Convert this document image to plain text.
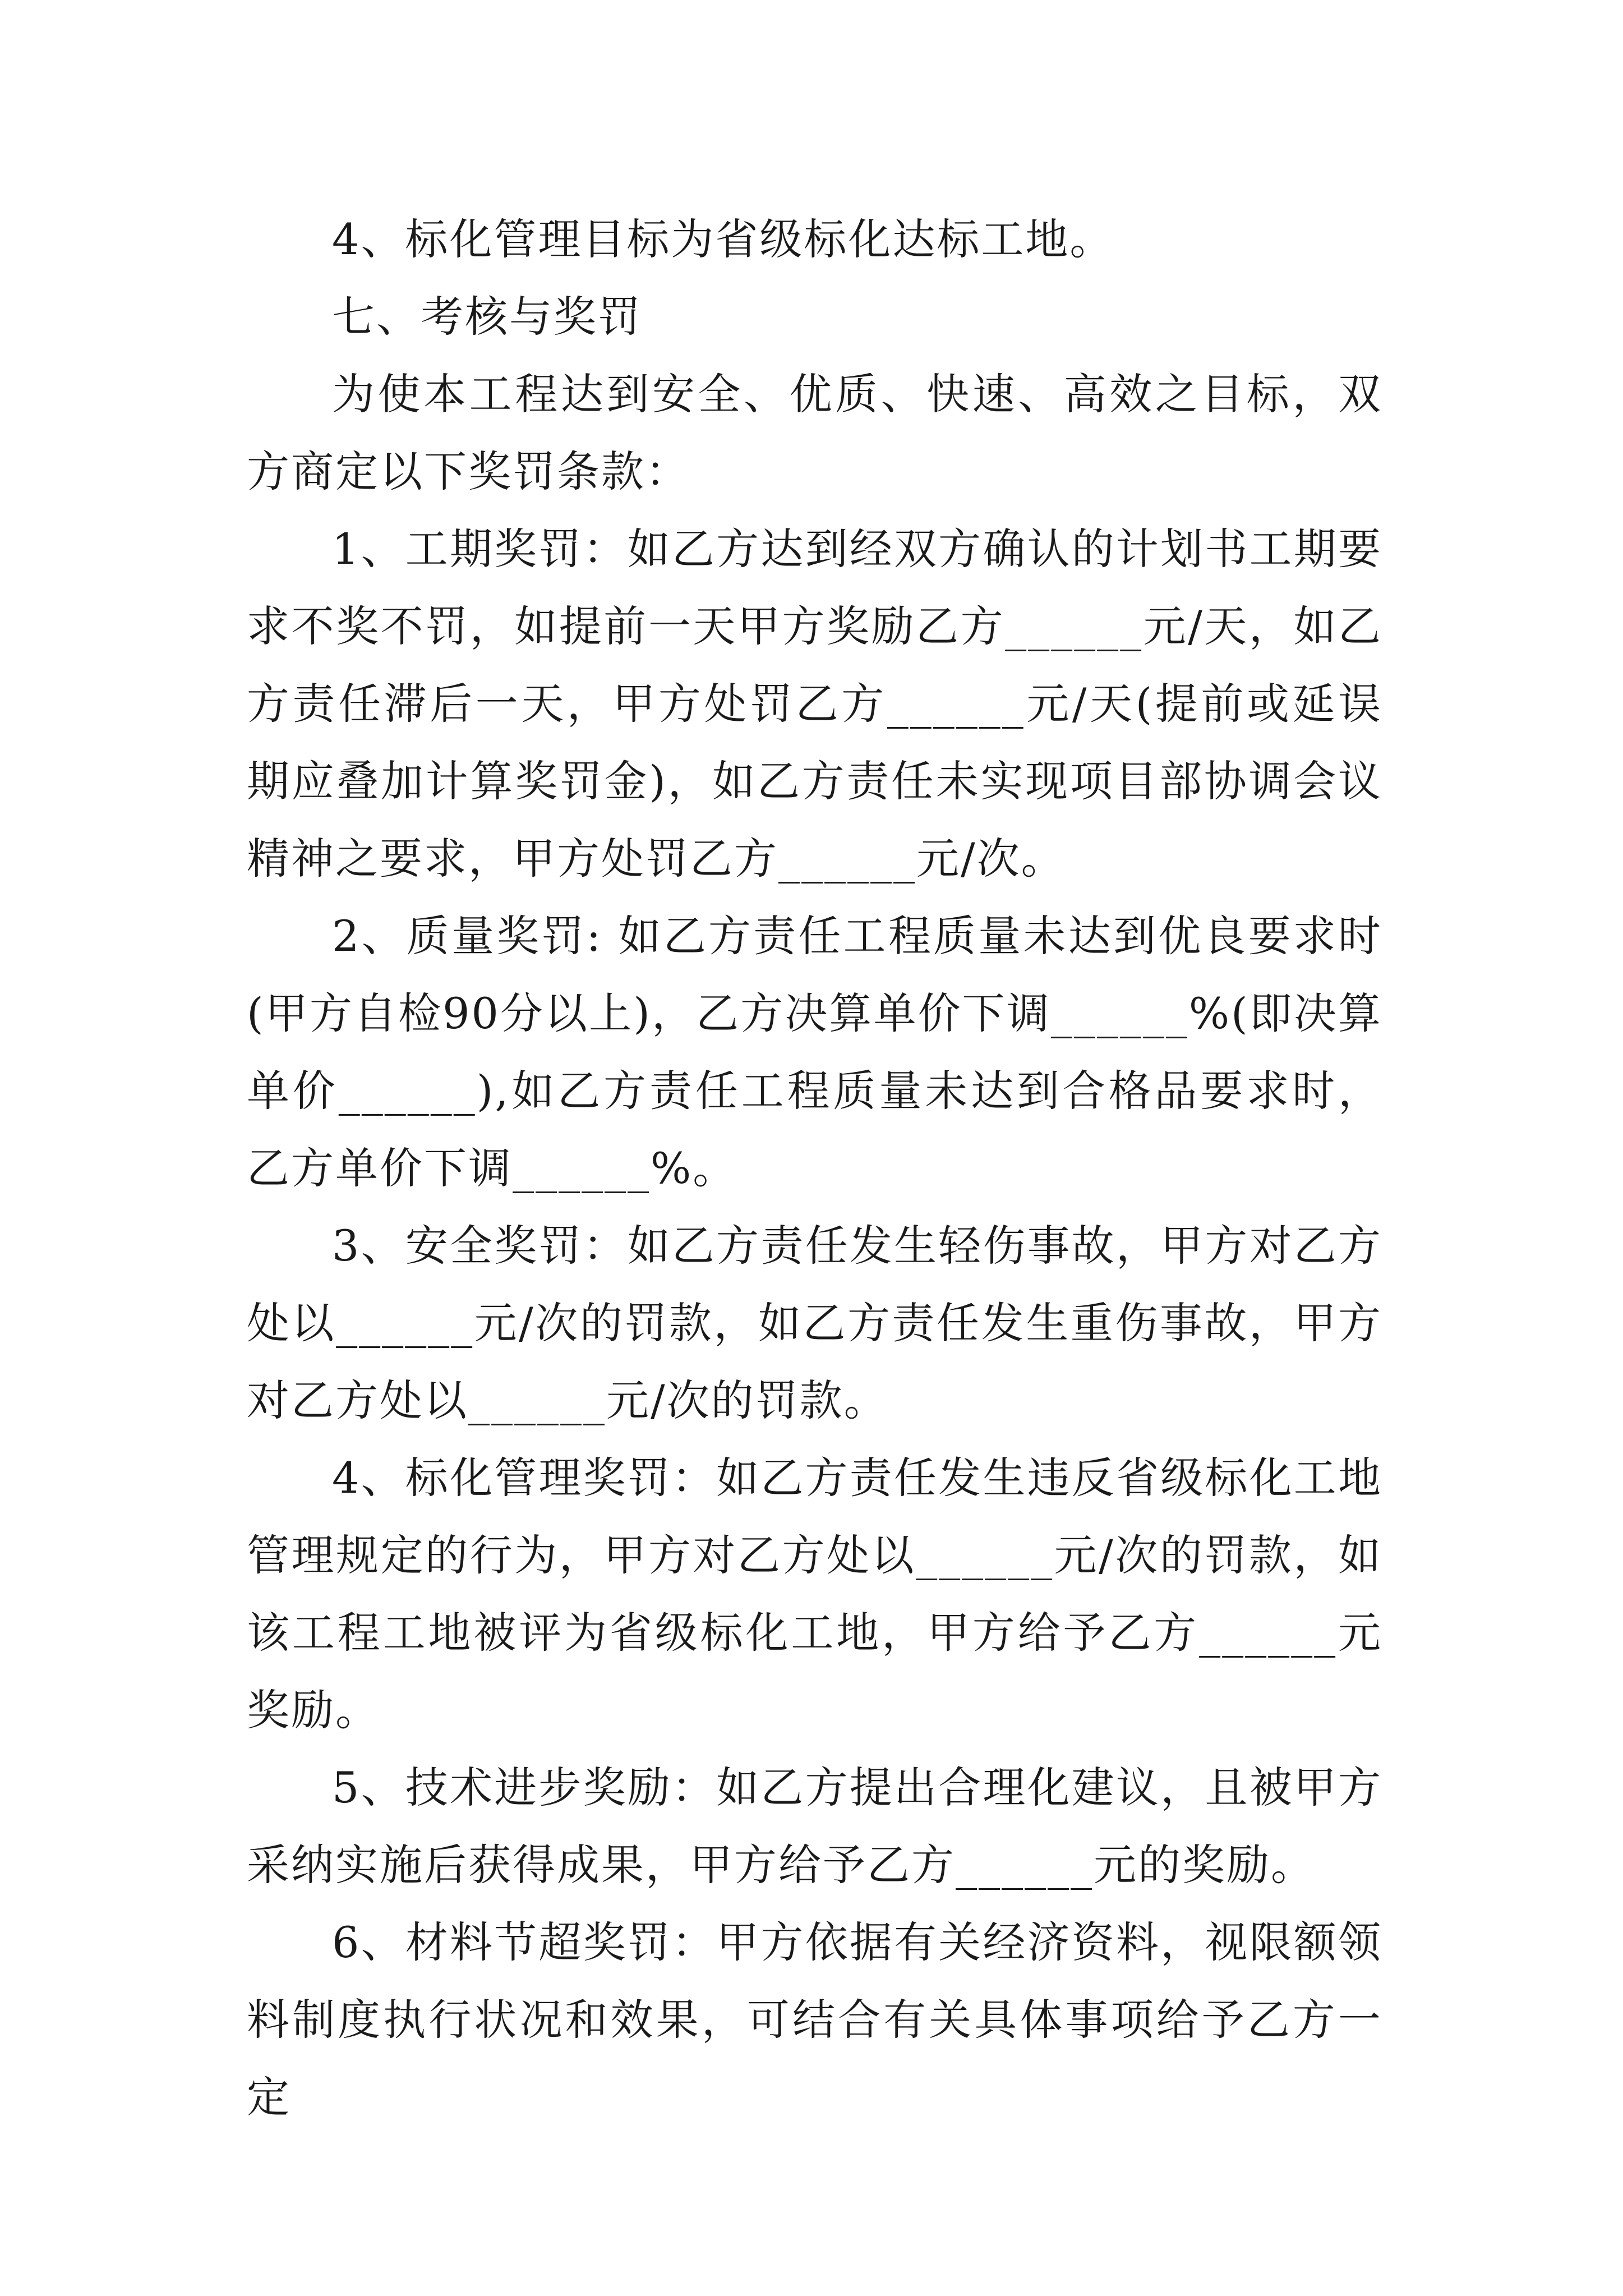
4、标化管理目标为省级标化达标工地。

七、考核与奖罚

为使本工程达到安全、优质、快速、高效之目标，双方商定以下奖罚条款：

1、工期奖罚：如乙方达到经双方确认的计划书工期要求不奖不罚，如提前一天甲方奖励乙方______元/天，如乙方责任滞后一天，甲方处罚乙方______元/天(提前或延误期应叠加计算奖罚金)，如乙方责任未实现项目部协调会议精神之要求，甲方处罚乙方______元/次。

2、质量奖罚: 如乙方责任工程质量未达到优良要求时(甲方自检90分以上)，乙方决算单价下调______%(即决算单价______),如乙方责任工程质量未达到合格品要求时，乙方单价下调______%。

3、安全奖罚：如乙方责任发生轻伤事故，甲方对乙方处以______元/次的罚款，如乙方责任发生重伤事故，甲方对乙方处以______元/次的罚款。

4、标化管理奖罚：如乙方责任发生违反省级标化工地管理规定的行为，甲方对乙方处以______元/次的罚款，如该工程工地被评为省级标化工地，甲方给予乙方______元奖励。

5、技术进步奖励：如乙方提出合理化建议，且被甲方采纳实施后获得成果，甲方给予乙方______元的奖励。

6、材料节超奖罚：甲方依据有关经济资料，视限额领料制度执行状况和效果，可结合有关具体事项给予乙方一定
